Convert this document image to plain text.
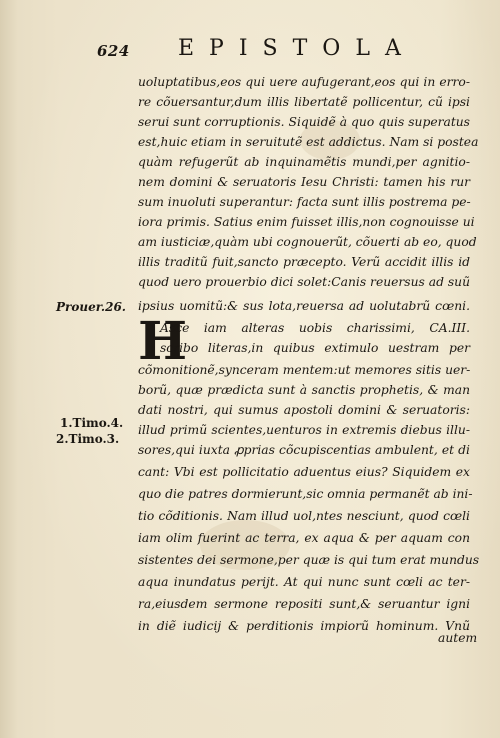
624 EPISTOLA
Prouer.26.
1.Timo.4.
2.Timo.3.
H
uoluptatibus,eos qui uere aufugerant,eos qui in erro-
re cõuersantur,dum illis libertatẽ pollicentur, cũ ipsi
serui sunt corruptionis. Siquidẽ à quo quis superatus
est,huic etiam in seruitutẽ est addictus. Nam si postea
quàm refugerũt ab inquinamẽtis mundi,per agnitio-
nem domini & seruatoris Iesu Christi: tamen his rur
sum inuoluti superantur: facta sunt illis postrema pe-
iora primis. Satius enim fuisset illis,non cognouisse ui
am iusticiæ,quàm ubi cognouerũt, cõuerti ab eo, quod
illis traditũ fuit,sancto præcepto. Verũ accidit illis id
quod uero prouerbio dici solet:Canis reuersus ad suũ
ipsius uomitũ:& sus lota,reuersa ad uolutabrũ cœni.
Asce iam alteras uobis charissimi, CA.III.
scribo literas,in quibus extimulo uestram per
cõmonitionẽ,synceram mentem:ut memores sitis uer-
borũ, quæ prædicta sunt à sanctis prophetis, & man
dati nostri, qui sumus apostoli domini & seruatoris:
illud primũ scientes,uenturos in extremis diebus illu-
sores,qui iuxta ꝓprias cõcupiscentias ambulent, et di
cant: Vbi est pollicitatio aduentus eius? Siquidem ex
quo die patres dormierunt,sic omnia permanẽt ab ini-
tio cõditionis. Nam illud uol,ntes nesciunt, quod cœli
iam olim fuerint ac terra, ex aqua & per aquam con
sistentes dei sermone,per quæ is qui tum erat mundus
aqua inundatus perijt. At qui nunc sunt cœli ac ter-
ra,eiusdem sermone repositi sunt,& seruantur igni
in diẽ iudicij & perditionis impiorũ hominum. Vnũ
autem
